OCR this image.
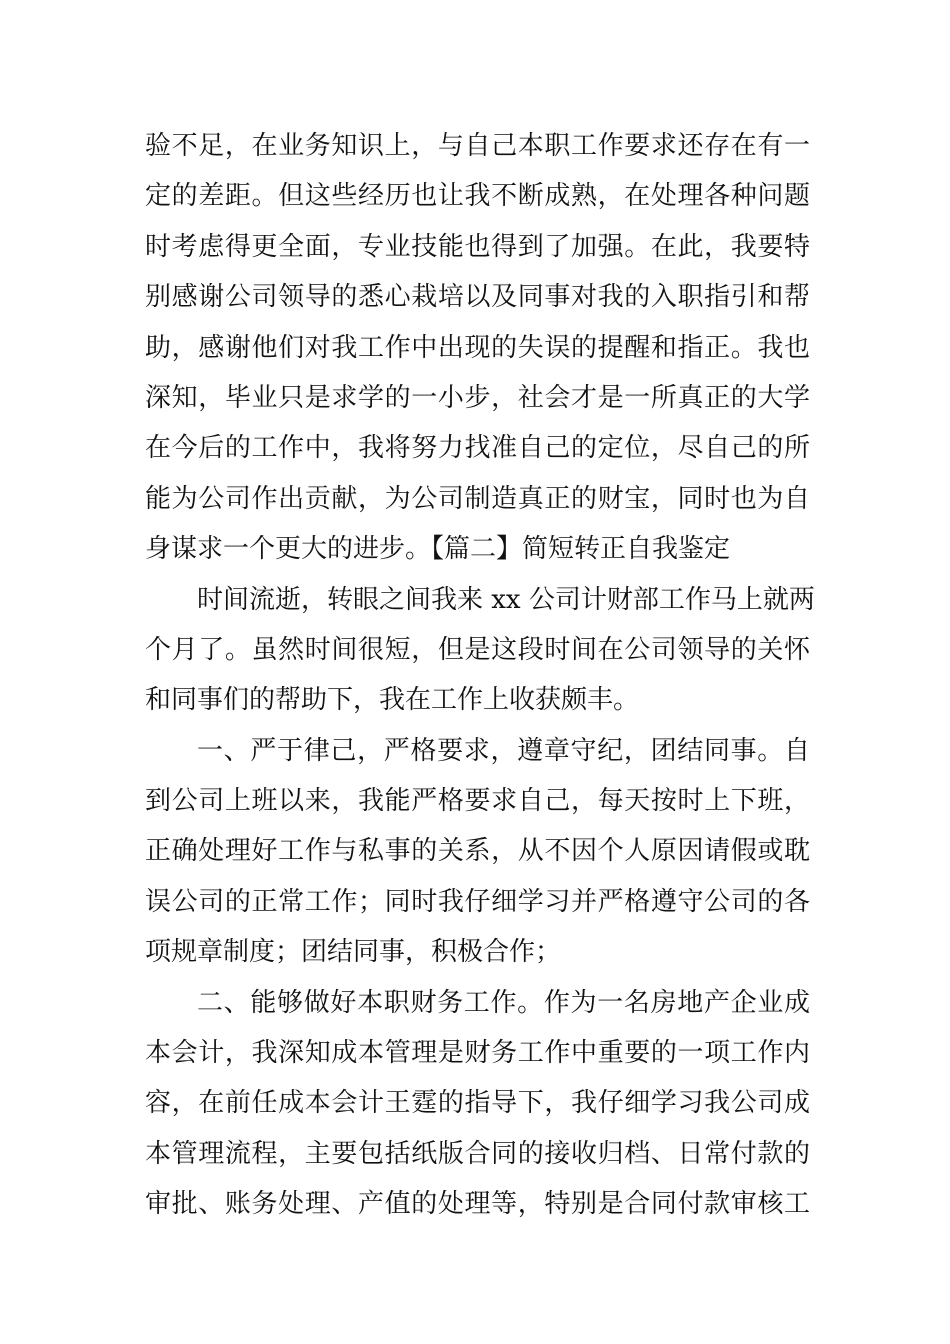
验不足，在业务知识上，与自己本职工作要求还存在有一
定的差距。但这些经历也让我不断成熟，在处理各种问题
时考虑得更全面，专业技能也得到了加强。在此，我要特
别感谢公司领导的悉心栽培以及同事对我的入职指引和帮
助，感谢他们对我工作中出现的失误的提醒和指正。我也
深知，毕业只是求学的一小步，社会才是一所真正的大学
在今后的工作中，我将努力找准自己的定位，尽自己的所
能为公司作出贡献，为公司制造真正的财宝，同时也为自
身谋求一个更大的进步。【篇二】简短转正自我鉴定
时间流逝，转眼之间我来 xx 公司计财部工作马上就两
个月了。虽然时间很短，但是这段时间在公司领导的关怀
和同事们的帮助下，我在工作上收获颇丰。
一、严于律己，严格要求，遵章守纪，团结同事。自
到公司上班以来，我能严格要求自己，每天按时上下班，
正确处理好工作与私事的关系，从不因个人原因请假或耽
误公司的正常工作；同时我仔细学习并严格遵守公司的各
项规章制度；团结同事，积极合作；
二、能够做好本职财务工作。作为一名房地产企业成
本会计，我深知成本管理是财务工作中重要的一项工作内
容，在前任成本会计王霆的指导下，我仔细学习我公司成
本管理流程，主要包括纸版合同的接收归档、日常付款的
审批、账务处理、产值的处理等，特别是合同付款审核工
